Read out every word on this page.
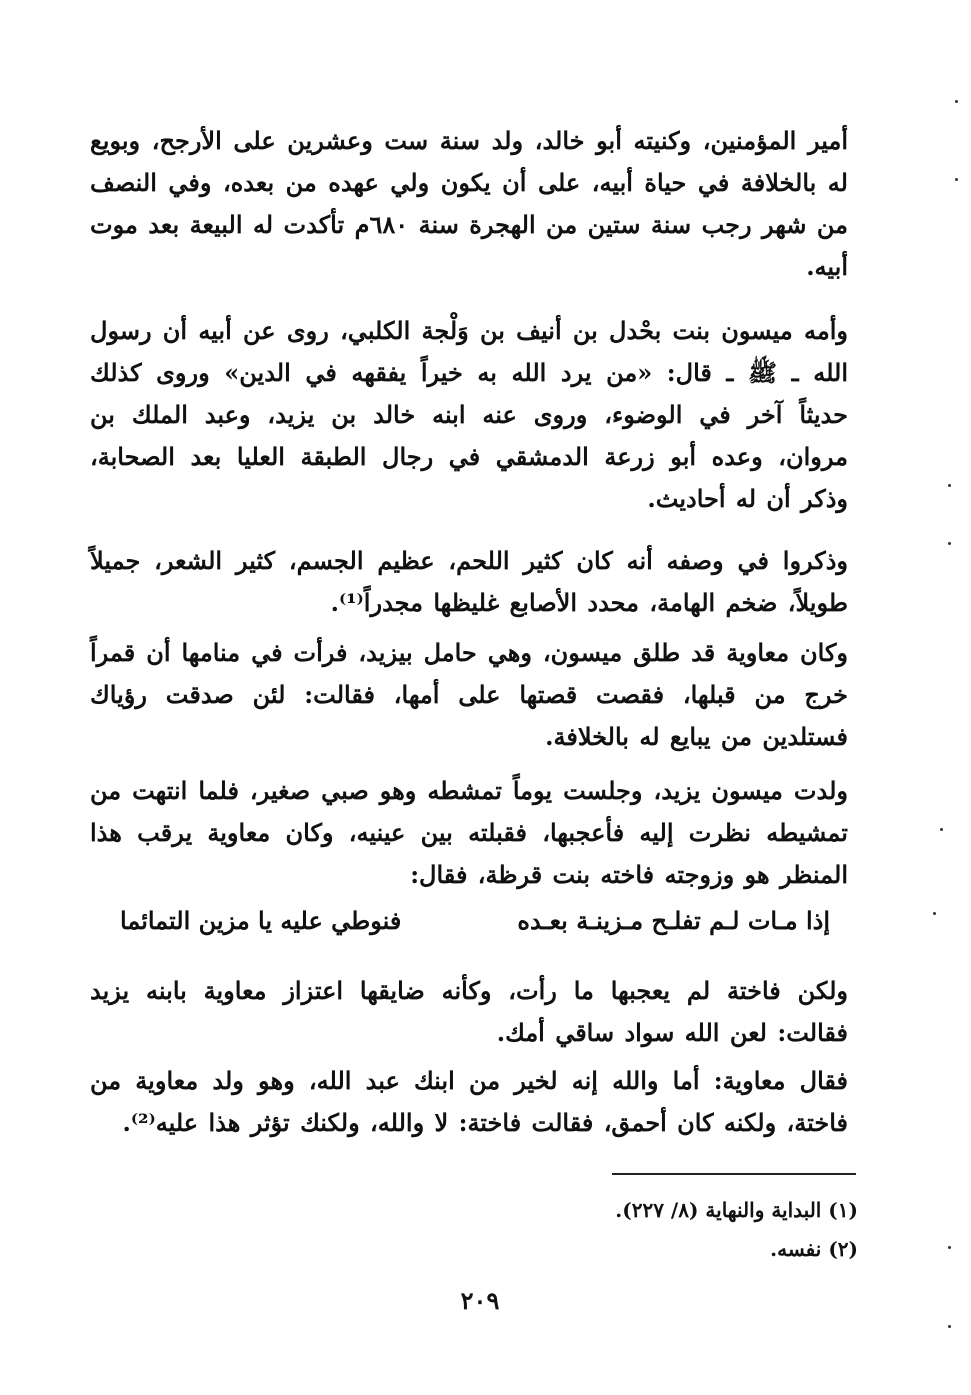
أمير المؤمنين، وكنيته أبو خالد، ولد سنة ست وعشرين على الأرجح، وبويع له بالخلافة في حياة أبيه، على أن يكون ولي عهده من بعده، وفي النصف من شهر رجب سنة ستين من الهجرة سنة ٦٨٠م تأكدت له البيعة بعد موت أبيه.

وأمه ميسون بنت بحْدل بن أنيف بن وَلْجة الكلبي، روى عن أبيه أن رسول الله ـ ﷺ ـ قال: «من يرد الله به خيراً يفقهه في الدين» وروى كذلك حديثاً آخر في الوضوء، وروى عنه ابنه خالد بن يزيد، وعبد الملك بن مروان، وعده أبو زرعة الدمشقي في رجال الطبقة العليا بعد الصحابة، وذكر أن له أحاديث.

وذكروا في وصفه أنه كان كثير اللحم، عظيم الجسم، كثير الشعر، جميلاً طويلاً، ضخم الهامة، محدد الأصابع غليظها مجدراً⁽¹⁾.

وكان معاوية قد طلق ميسون، وهي حامل بيزيد، فرأت في منامها أن قمراً خرج من قبلها، فقصت قصتها على أمها، فقالت: لئن صدقت رؤياك فستلدين من يبايع له بالخلافة.

ولدت ميسون يزيد، وجلست يوماً تمشطه وهو صبي صغير، فلما انتهت من تمشيطه نظرت إليه فأعجبها، فقبلته بين عينيه، وكان معاوية يرقب هذا المنظر هو وزوجته فاخته بنت قرظة، فقال:

إذا مـات لـم تفلـح مـزينـة بعـده
فنوطي عليه يا مزين التمائما

ولكن فاختة لم يعجبها ما رأت، وكأنه ضايقها اعتزاز معاوية بابنه يزيد فقالت: لعن الله سواد ساقي أمك.

فقال معاوية: أما والله إنه لخير من ابنك عبد الله، وهو ولد معاوية من فاختة، ولكنه كان أحمق، فقالت فاختة: لا والله، ولكنك تؤثر هذا عليه⁽²⁾.

(١) البداية والنهاية (٨/ ٢٢٧).

(٢) نفسه.

٢٠٩
